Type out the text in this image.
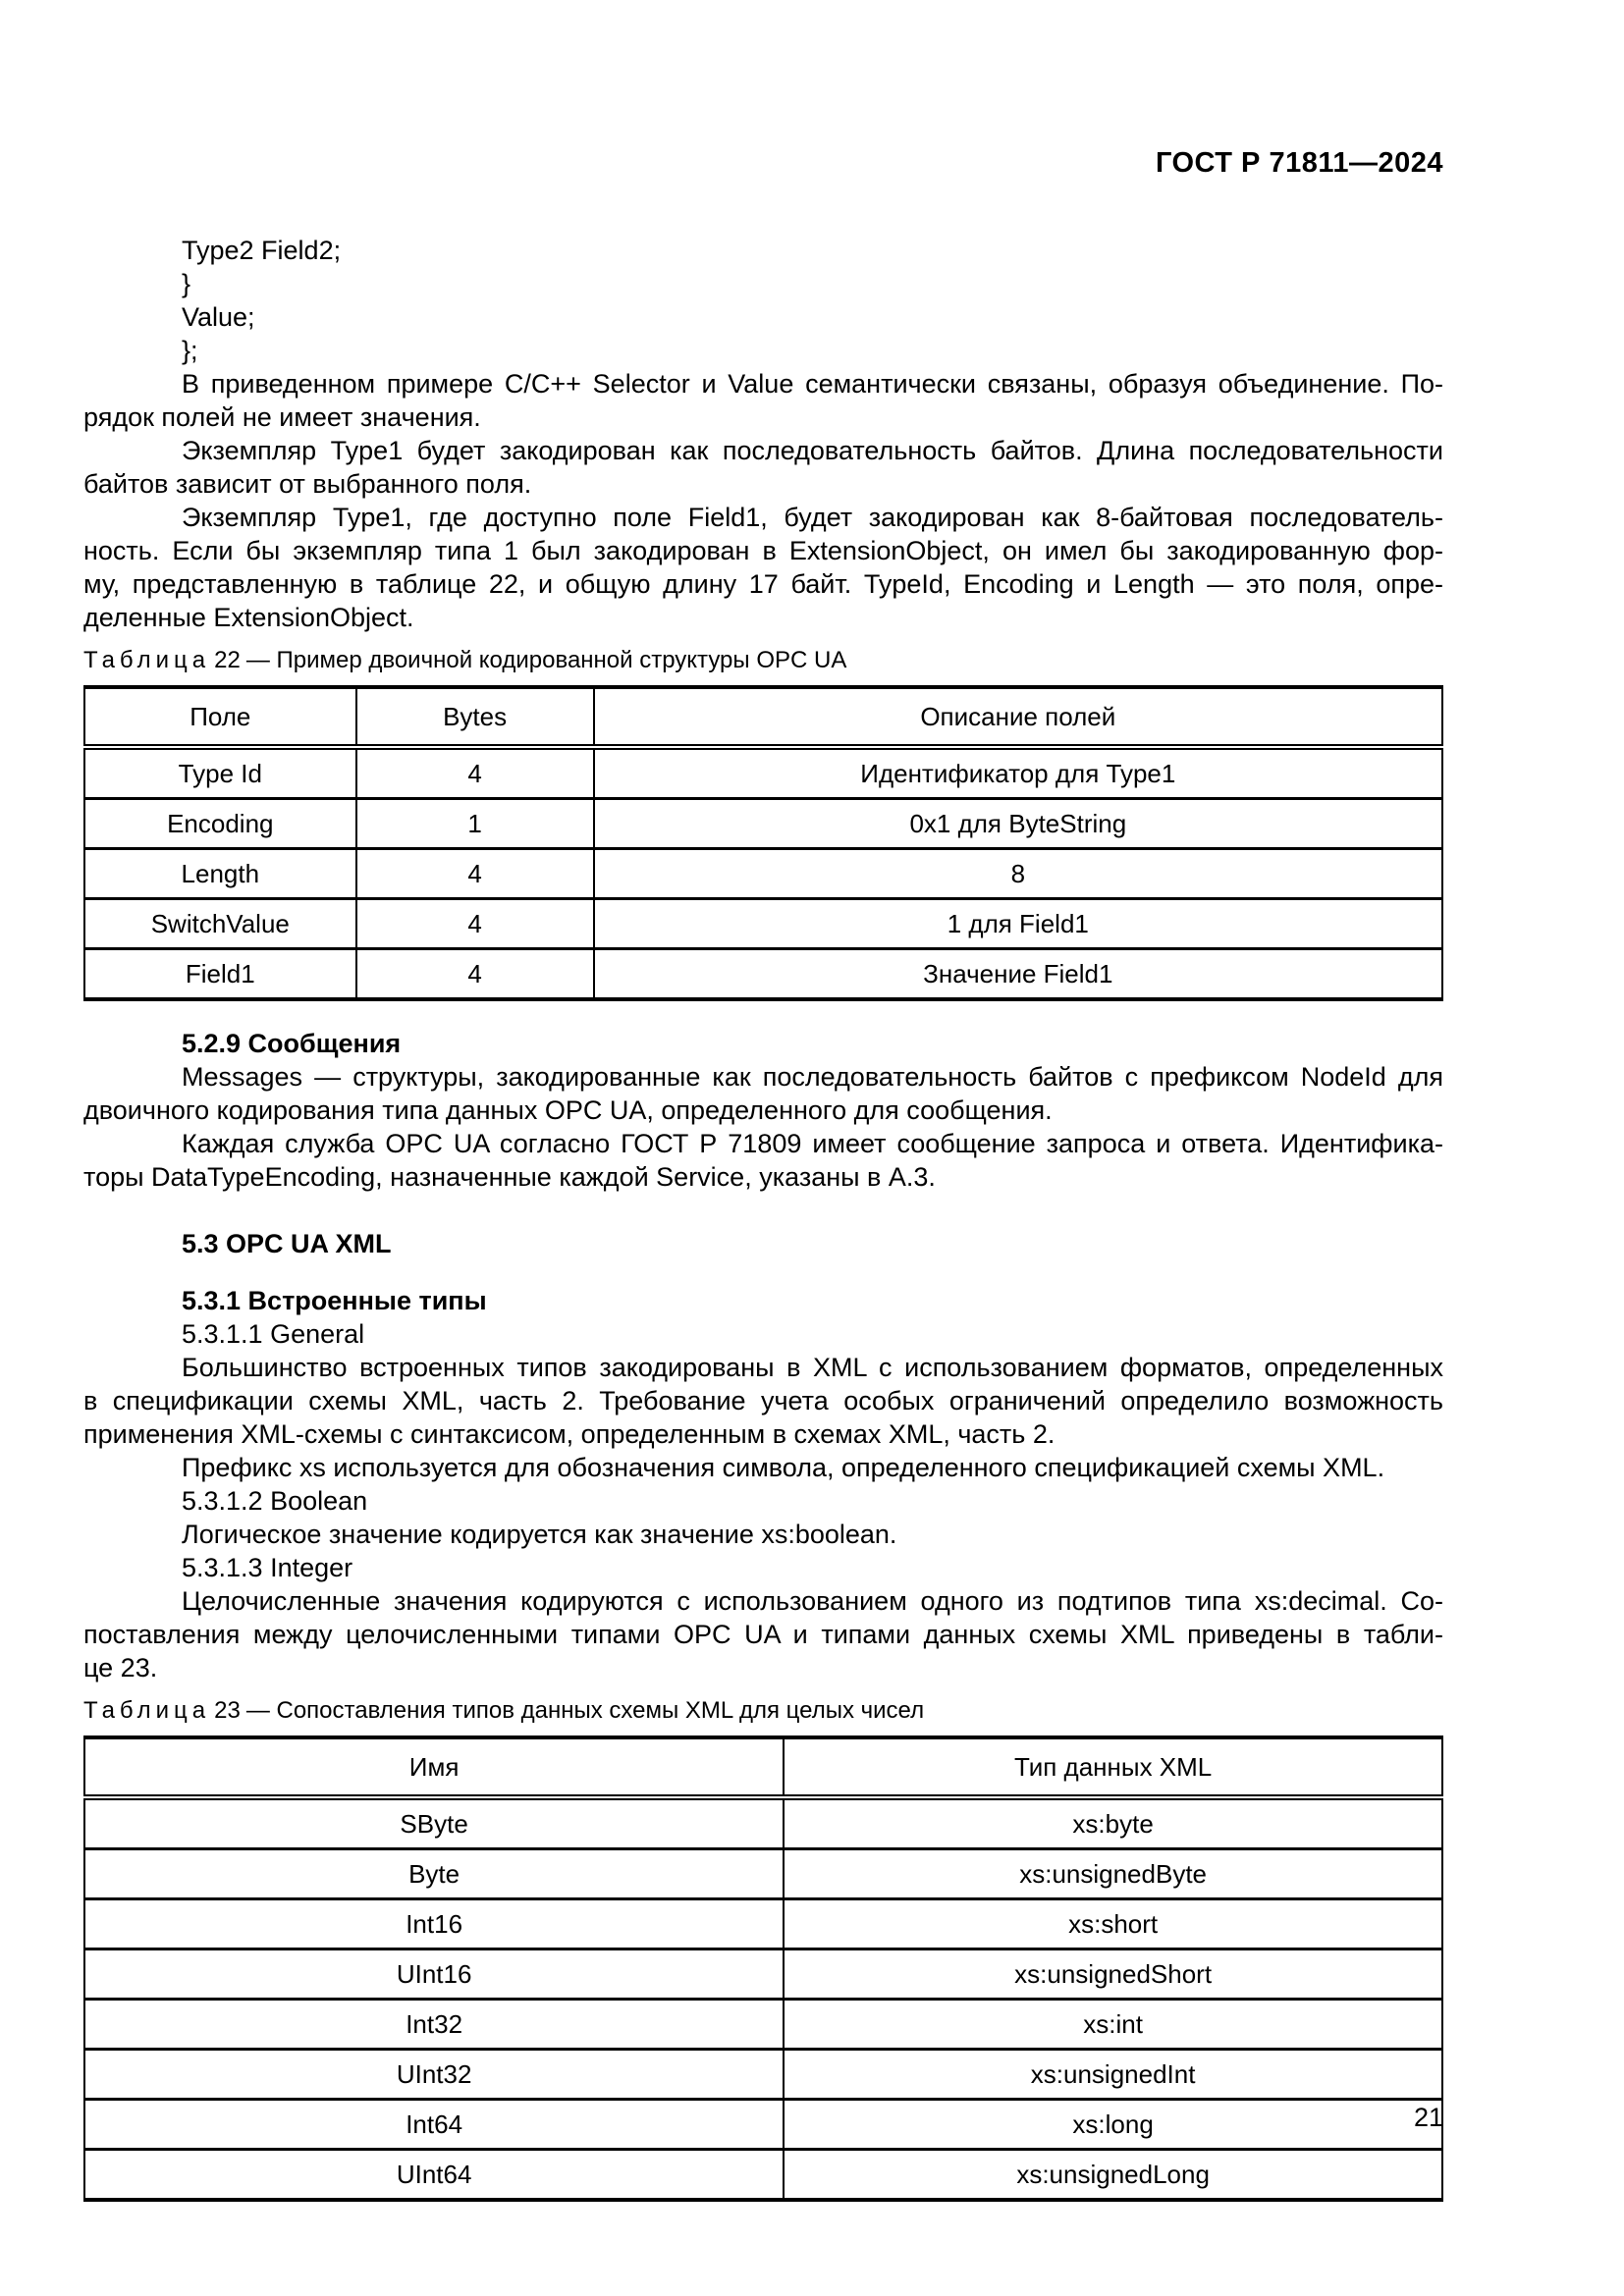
ГОСТ Р 71811—2024
Type2 Field2;
}
Value;
};
В приведенном примере C/C++ Selector и Value семантически связаны, образуя объединение. По-
рядок полей не имеет значения.
Экземпляр Type1 будет закодирован как последовательность байтов. Длина последовательности
байтов зависит от выбранного поля.
Экземпляр Type1, где доступно поле Field1, будет закодирован как 8-байтовая последователь-
ность. Если бы экземпляр типа 1 был закодирован в ExtensionObject, он имел бы закодированную фор-
му, представленную в таблице 22, и общую длину 17 байт. TypeId, Encoding и Length — это поля, опре-
деленные ExtensionObject.
Таблица 22 — Пример двоичной кодированной структуры OPC UA
Поле	Bytes	Описание полей
Type Id	4	Идентификатор для Type1
Encoding	1	0x1 для ByteString
Length	4	8
SwitchValue	4	1 для Field1
Field1	4	Значение Field1
5.2.9 Сообщения
Messages — структуры, закодированные как последовательность байтов с префиксом NodeId для
двоичного кодирования типа данных OPC UA, определенного для сообщения.
Каждая служба OPC UA согласно ГОСТ Р 71809 имеет сообщение запроса и ответа. Идентифика-
торы DataTypeEncoding, назначенные каждой Service, указаны в А.3.
5.3 OPC UA XML
5.3.1 Встроенные типы
5.3.1.1 General
Большинство встроенных типов закодированы в XML с использованием форматов, определенных
в спецификации схемы XML, часть 2. Требование учета особых ограничений определило возможность
применения XML-схемы с синтаксисом, определенным в схемах XML, часть 2.
Префикс xs используется для обозначения символа, определенного спецификацией схемы XML.
5.3.1.2 Boolean
Логическое значение кодируется как значение xs:boolean.
5.3.1.3 Integer
Целочисленные значения кодируются с использованием одного из подтипов типа xs:decimal. Со-
поставления между целочисленными типами OPC UA и типами данных схемы XML приведены в табли-
це 23.
Таблица 23 — Сопоставления типов данных схемы XML для целых чисел
Имя	Тип данных XML
SByte	xs:byte
Byte	xs:unsignedByte
Int16	xs:short
UInt16	xs:unsignedShort
Int32	xs:int
UInt32	xs:unsignedInt
Int64	xs:long
UInt64	xs:unsignedLong
21
